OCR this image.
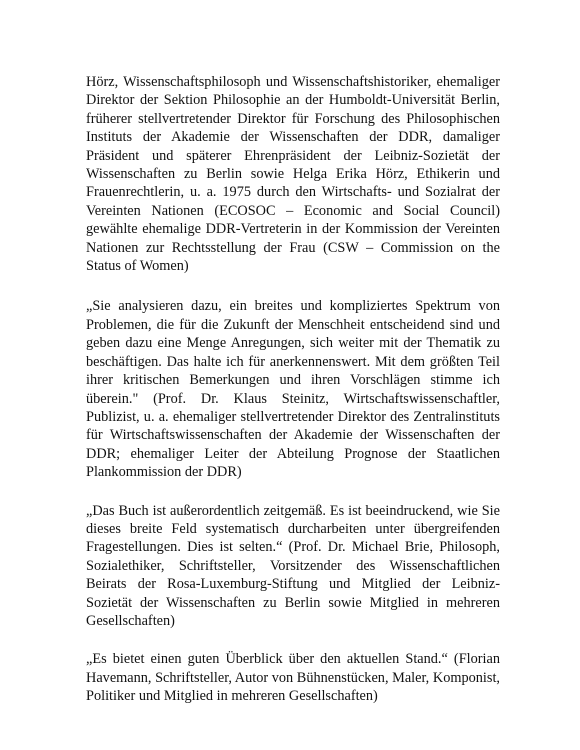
Hörz, Wissenschaftsphilosoph und Wissenschaftshistoriker, ehemaliger Direktor der Sektion Philosophie an der Humboldt-Universität Berlin, früherer stellvertretender Direktor für Forschung des Philosophischen Instituts der Akademie der Wissenschaften der DDR, damaliger Präsident und späterer Ehrenpräsident der Leibniz-Sozietät der Wissenschaften zu Berlin sowie Helga Erika Hörz, Ethikerin und Frauenrechtlerin, u. a. 1975 durch den Wirtschafts- und Sozialrat der Vereinten Nationen (ECOSOC – Economic and Social Council) gewählte ehemalige DDR-Vertreterin in der Kommission der Vereinten Nationen zur Rechtsstellung der Frau (CSW – Commission on the Status of Women)

„Sie analysieren dazu, ein breites und kompliziertes Spektrum von Problemen, die für die Zukunft der Menschheit entscheidend sind und geben dazu eine Menge Anregungen, sich weiter mit der Thematik zu beschäftigen. Das halte ich für anerkennenswert. Mit dem größten Teil ihrer kritischen Bemerkungen und ihren Vorschlägen stimme ich überein." (Prof. Dr. Klaus Steinitz, Wirtschaftswissenschaftler, Publizist, u. a. ehemaliger stellvertretender Direktor des Zentralinstituts für Wirtschaftswissenschaften der Akademie der Wissenschaften der DDR; ehemaliger Leiter der Abteilung Prognose der Staatlichen Plankommission der DDR)

„Das Buch ist außerordentlich zeitgemäß. Es ist beeindruckend, wie Sie dieses breite Feld systematisch durcharbeiten unter übergreifenden Fragestellungen. Dies ist selten.“ (Prof. Dr. Michael Brie, Philosoph, Sozialethiker, Schriftsteller, Vorsitzender des Wissenschaftlichen Beirats der Rosa-Luxemburg-Stiftung und Mitglied der Leibniz-Sozietät der Wissenschaften zu Berlin sowie Mitglied in mehreren Gesellschaften)

„Es bietet einen guten Überblick über den aktuellen Stand.“ (Florian Havemann, Schriftsteller, Autor von Bühnenstücken, Maler, Komponist, Politiker und Mitglied in mehreren Gesellschaften)
